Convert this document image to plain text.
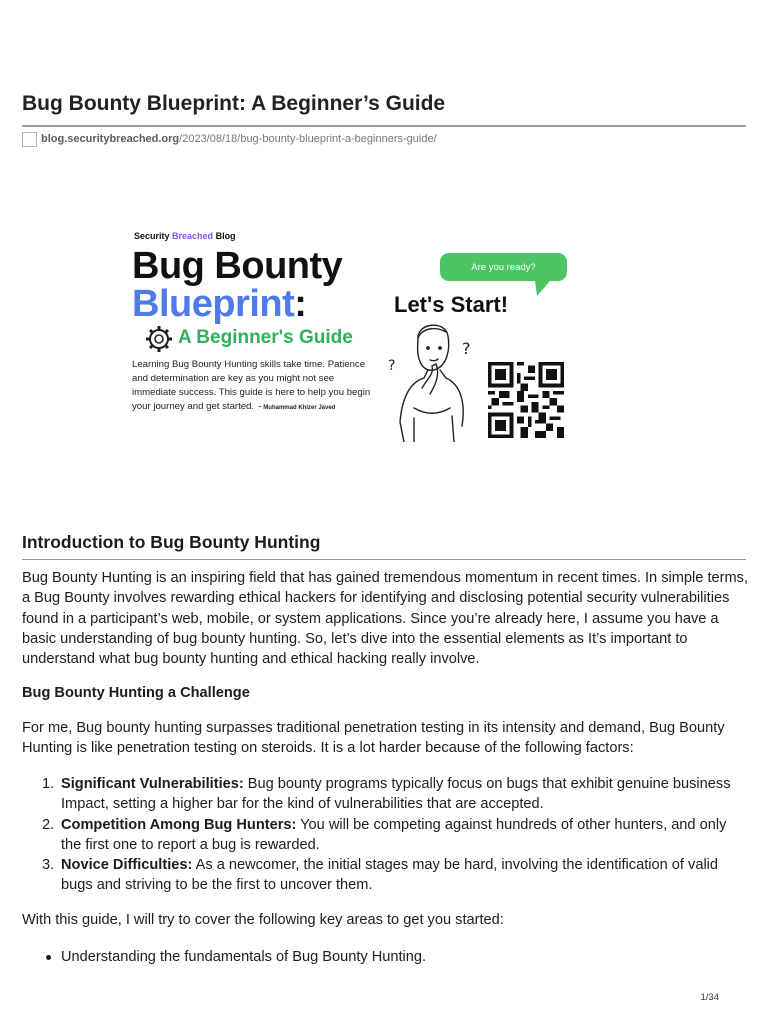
Bug Bounty Blueprint: A Beginner’s Guide
blog.securitybreached.org /2023/08/18/bug-bounty-blueprint-a-beginners-guide/
Security Breached Blog
Bug Bounty
Blueprint:
A Beginner's Guide
Learning Bug Bounty Hunting skills take time. Patience and determination are key as you might not see immediate success. This guide is here to help you begin your journey and get started. ~ Muhammad Khizer Javed
Are you ready?
Let's Start!
?
?
Introduction to Bug Bounty Hunting
Bug Bounty Hunting is an inspiring field that has gained tremendous momentum in recent times. In simple terms, a Bug Bounty involves rewarding ethical hackers for identifying and disclosing potential security vulnerabilities found in a participant’s web, mobile, or system applications. Since you’re already here, I assume you have a basic understanding of bug bounty hunting. So, let’s dive into the essential elements as It’s important to understand what bug bounty hunting and ethical hacking really involve.
Bug Bounty Hunting a Challenge
For me, Bug bounty hunting surpasses traditional penetration testing in its intensity and demand, Bug Bounty Hunting is like penetration testing on steroids. It is a lot harder because of the following factors:
1. Significant Vulnerabilities: Bug bounty programs typically focus on bugs that exhibit genuine business Impact, setting a higher bar for the kind of vulnerabilities that are accepted.
2. Competition Among Bug Hunters: You will be competing against hundreds of other hunters, and only the first one to report a bug is rewarded.
3. Novice Difficulties: As a newcomer, the initial stages may be hard, involving the identification of valid bugs and striving to be the first to uncover them.
With this guide, I will try to cover the following key areas to get you started:
Understanding the fundamentals of Bug Bounty Hunting.
1/34
